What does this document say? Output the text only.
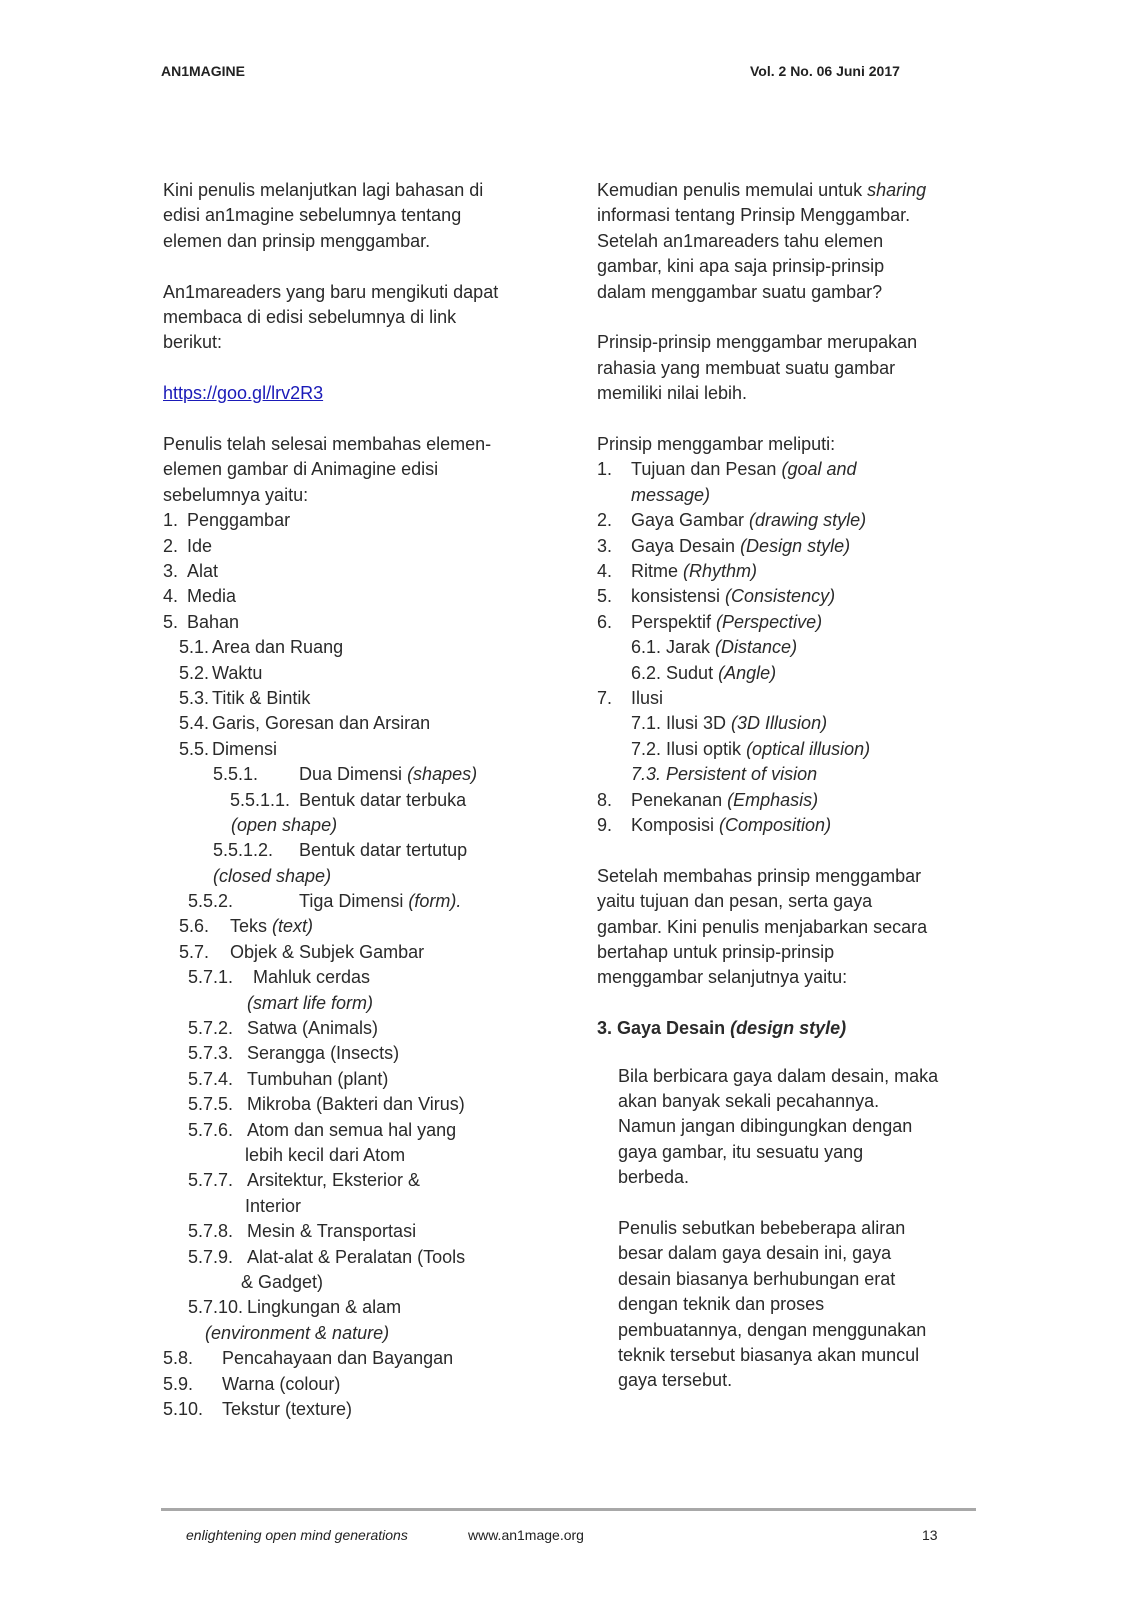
AN1MAGINE	Vol. 2 No. 06 Juni 2017

Kini penulis melanjutkan lagi bahasan di

edisi an1magine sebelumnya tentang

elemen dan prinsip menggambar.

An1mareaders yang baru mengikuti dapat

membaca di edisi sebelumnya di link

berikut:

https://goo.gl/lrv2R3

Penulis telah selesai membahas elemen-

elemen gambar di Animagine edisi

sebelumnya yaitu:

1. Penggambar
2. Ide
3. Alat
4. Media
5. Bahan
5.1. Area dan Ruang
5.2. Waktu
5.3. Titik & Bintik
5.4. Garis, Goresan dan Arsiran
5.5. Dimensi
5.5.1. Dua Dimensi (shapes)
5.5.1.1. Bentuk datar terbuka
(open shape)
5.5.1.2. Bentuk datar tertutup
(closed shape)
5.5.2.	Tiga Dimensi (form).
5.6. Teks (text)
5.7. Objek & Subjek Gambar
5.7.1. Mahluk cerdas
(smart life form)
5.7.2. Satwa (Animals)
5.7.3. Serangga (Insects)
5.7.4. Tumbuhan (plant)
5.7.5. Mikroba (Bakteri dan Virus)
5.7.6. Atom dan semua hal yang
lebih kecil dari Atom
5.7.7. Arsitektur, Eksterior &
Interior
5.7.8. Mesin & Transportasi
5.7.9. Alat-alat & Peralatan (Tools
& Gadget)
5.7.10. Lingkungan & alam
(environment & nature)
5.8. Pencahayaan dan Bayangan
5.9. Warna (colour)
5.10. Tekstur (texture)

Kemudian penulis memulai untuk sharing

informasi tentang Prinsip Menggambar.

Setelah an1mareaders tahu elemen

gambar, kini apa saja prinsip-prinsip

dalam menggambar suatu gambar?

Prinsip-prinsip menggambar merupakan

rahasia yang membuat suatu gambar

memiliki nilai lebih.

Prinsip menggambar meliputi:

1. Tujuan dan Pesan (goal and
message)
2. Gaya Gambar (drawing style)
3. Gaya Desain (Design style)
4. Ritme (Rhythm)
5. konsistensi (Consistency)
6. Perspektif (Perspective)
6.1. Jarak (Distance)
6.2. Sudut (Angle)
7. Ilusi
7.1. Ilusi 3D (3D Illusion)
7.2. Ilusi optik (optical illusion)
7.3. Persistent of vision
8. Penekanan (Emphasis)
9. Komposisi (Composition)

Setelah membahas prinsip menggambar

yaitu tujuan dan pesan, serta gaya

gambar. Kini penulis menjabarkan secara

bertahap untuk prinsip-prinsip

menggambar selanjutnya yaitu:

3. Gaya Desain (design style)

Bila berbicara gaya dalam desain, maka

akan banyak sekali pecahannya.

Namun jangan dibingungkan dengan

gaya gambar, itu sesuatu yang

berbeda.

Penulis sebutkan bebeberapa aliran

besar dalam gaya desain ini, gaya

desain biasanya berhubungan erat

dengan teknik dan proses

pembuatannya, dengan menggunakan

teknik tersebut biasanya akan muncul

gaya tersebut.

enlightening open mind generations	www.an1mage.org	13
